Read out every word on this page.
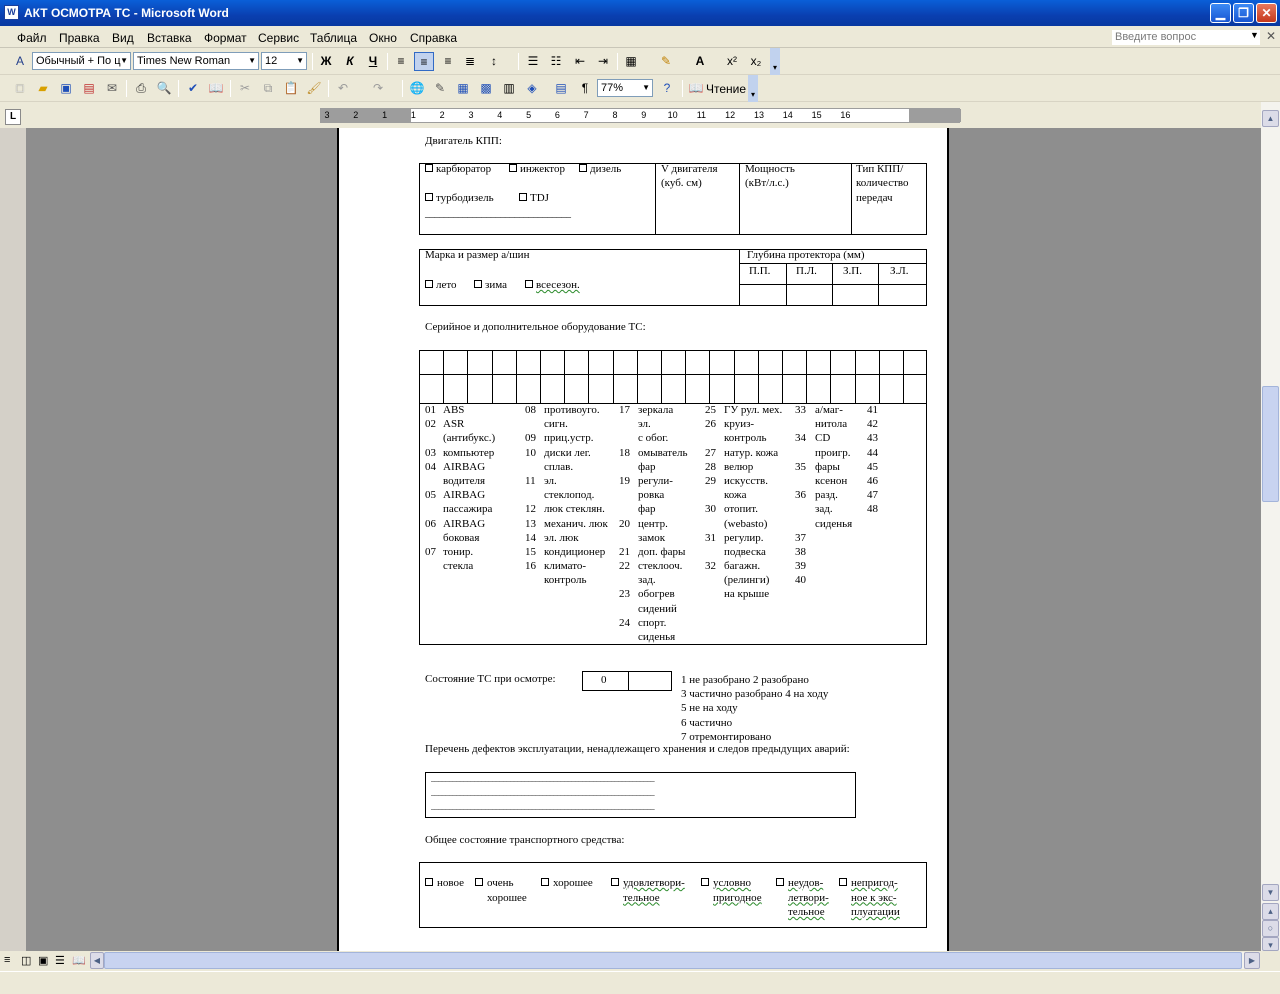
W АКТ ОСМОТРА ТС - Microsoft Word	▁	❐	✕
Файл Правка Вид Вставка Формат Сервис Таблица Окно Справка	Введите вопрос	▼ ✕
A	Обычный + По ц ▼ Times New Roman ▼ 12 ▼	Ж	К	Ч	≡	≡	≡	≣	↕	☰	☷	⇤	⇥	▦	✎	A	x²	x₂	▾
□	▰	▣ ▤	✉	⎙ 🔍	✔ 📖	✂	⧉ 📋 🖌	↶	↷	🌐 ✎	▦ ▩ ▥	◈	▤	¶	77% ▼	?	📖 Чтение ▾
L	3	2	1	1	2	3	4	5	6	7	8	9	10 11 12 13 14 15 16
Двигатель КПП:
карбюратор	инжектор	дизель
турбодизель	TDJ
_______________________________
V двигателя
(куб. см)
Мощность
(кВт/л.с.)
Тип КПП/
количество
передач
Марка и размер а/шин	Глубина протектора (мм)
П.П. П.Л. З.П.	З.Л.
лето	зима	всесезон.
Серийное и дополнительное оборудование ТС:
01
02
03
04
05
06
07
ABS
ASR
(антибукс.)
компьютер
AIRBAG
водителя
AIRBAG
пассажира
AIRBAG
боковая
тонир.
стекла
08
09
10
11
12
13
14
15
16
противоуго.
сигн.
приц.устр.
диски лег.
сплав.
эл.
стеклопод.
люк стеклян.
механич. люк
эл. люк
кондиционер
климато-
контроль
17
18
19
20
21
22
23
24
зеркала
эл.
с обог.
омыватель
фар
регули-
ровка
фар
центр.
замок
доп. фары
стеклооч.
зад.
обогрев
сидений
спорт.
сиденья
25
26
27
28
29
30
31
32
ГУ рул. мех.
круиз-
контроль
натур. кожа
велюр
искусств.
кожа
отопит.
(webasto)
регулир.
подвеска
багажн.
(релинги)
на крыше
33
34
35
36
37
38
39
40
а/маг-
нитола
CD
проигр.
фары
ксенон
разд.
зад.
сиденья
41
42
43
44
45
46
47
48
Состояние ТС при осмотре:	0	1 не разобрано 2 разобрано
3 частично разобрано 4 на ходу
5 не на ходу
6 частично
7 отремонтировано
Перечень дефектов эксплуатации, ненадлежащего хранения и следов предыдущих аварий:
______________________________________________________________
______________________________________________________________
______________________________________________________________
Общее состояние транспортного средства:
новое очень
хорошее
хорошее	удовлетвори-
тельное
условно
пригодное
неудов-
летвори-
тельное
непригод-
ное к экс-
плуатации
▲
▼
▴
○
▾
≡ ◫ ▣ ☰ 📖	◀	▶
